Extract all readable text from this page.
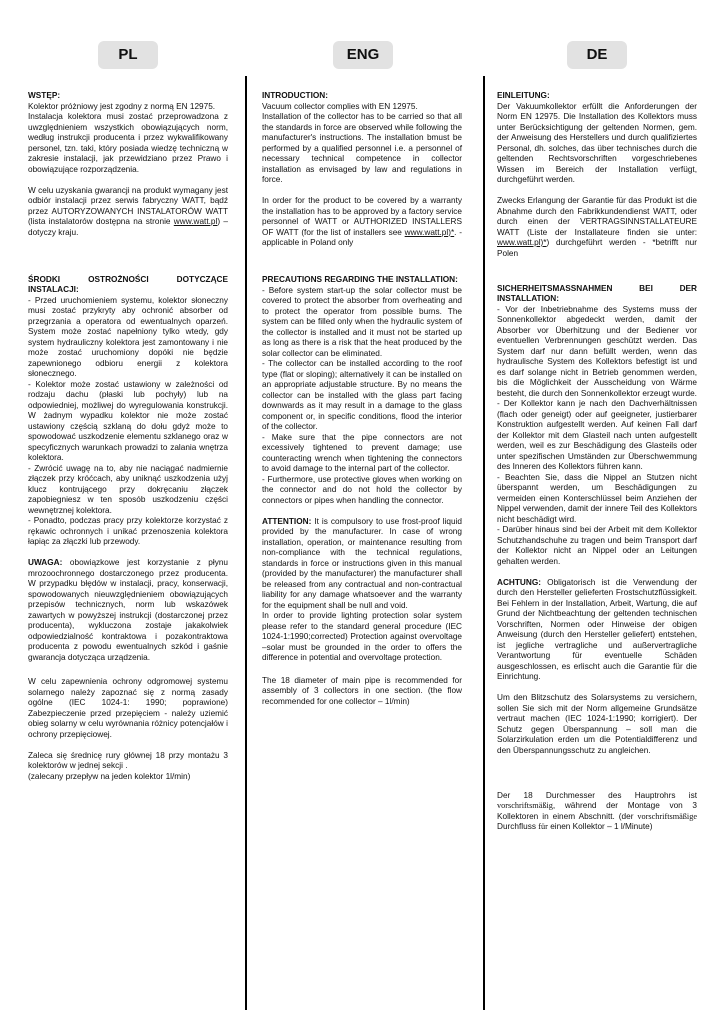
PL	ENG	DE

WSTĘP:

Kolektor próżniowy jest zgodny z normą EN 12975.
Instalacja kolektora musi zostać przeprowadzona z uwzględnieniem wszystkich obowiązujących norm, według instrukcji producenta i przez wykwalifikowany personel, tzn. taki, który posiada wiedzę techniczną w zakresie instalacji, jak przewidziano przez Prawo i obowiązujące rozporządzenia.

W celu uzyskania gwarancji na produkt wymagany jest odbiór instalacji przez serwis fabryczny WATT, bądź przez AUTORYZOWANYCH INSTALATORÓW WATT (lista instalatorów dostępna na stronie www.watt.pl) – dotyczy kraju.

ŚRODKI OSTROŻNOŚCI DOTYCZĄCE INSTALACJI:

- Przed uruchomieniem systemu, kolektor słoneczny musi zostać przykryty aby ochronić absorber od przegrzania a operatora od ewentualnych oparzeń. System może zostać napełniony tylko wtedy, gdy system hydrauliczny kolektora jest zamontowany i nie może zostać uruchomiony dopóki nie będzie zapewnionego odbioru energii z kolektora słonecznego.
- Kolektor może zostać ustawiony w zależności od rodzaju dachu (płaski lub pochyły) lub na odpowiedniej, możliwej do wyregulowania konstrukcji. W żadnym wypadku kolektor nie może zostać ustawiony częścią szklaną do dołu gdyż może to spowodować uszkodzenie elementu szklanego oraz w specyficznych warunkach prowadzi to zalania wnętrza kolektora.
- Zwrócić uwagę na to, aby nie naciągać nadmiernie złączek przy króćcach, aby uniknąć uszkodzenia użyj klucz kontrującego przy dokręcaniu złączek zapobiegniesz w ten sposób uszkodzeniu części wewnętrznej kolektora.
- Ponadto, podczas pracy przy kolektorze korzystać z rękawic ochronnych i unikać przenoszenia kolektora łapiąc za złączki lub przewody.

UWAGA: obowiązkowe jest korzystanie z płynu mrozoochronnego dostarczonego przez producenta. W przypadku błędów w instalacji, pracy, konserwacji, spowodowanych nieuwzględnieniem obowiązujących przepisów technicznych, norm lub wskazówek zawartych w powyższej instrukcji (dostarczonej przez producenta), wykluczona zostaje jakakolwiek odpowiedzialność kontraktowa i pozakontraktowa producenta z powodu ewentualnych szkód i gaśnie gwarancja dotycząca urządzenia.

W celu zapewnienia ochrony odgromowej systemu solarnego należy zapoznać się z normą zasady ogólne (IEC 1024-1: 1990; poprawione) Zabezpieczenie przed przepięciem - należy uziemić obieg solarny w celu wyrównania różnicy potencjałów i ochrony przepięciowej.

Zaleca się średnicę rury głównej 18 przy montażu 3 kolektorów w jednej sekcji .
(zalecany przepływ na jeden kolektor 1l/min)

INTRODUCTION:

Vacuum collector complies with EN 12975.
Installation of the collector has to be carried so that all the standards in force are observed while following the manufacturer's instructions. The installation bmust be performed by a qualified personnel i.e. a personnel of necessary technical competence in collector installation as envisaged by law and regulations in force.

In order for the product to be covered by a warranty the installation has to be approved by a factory service personnel of WATT or AUTHORIZED INSTALLERS OF WATT (for the list of installers see www.watt.pl)*. - applicable in Poland only

PRECAUTIONS REGARDING THE INSTALLATION:

- Before system start-up the solar collector must be covered to protect the absorber from overheating and to protect the operator from possible burns. The system can be filled only when the hydraulic system of the collector is installed and it must not be started up as long as there is a risk that the heat produced by the solar collector can be eliminated.
- The collector can be installed according to the roof type (flat or sloping); alternatively it can be installed on an appropriate adjustable structure. By no means the collector can be installed with the glass part facing downwards as it may result in a damage to the glass component or, in specific conditions, flood the interior of the collector.
- Make sure that the pipe connectors are not excessively tightened to prevent damage; use counteracting wrench when tightening the connectors to avoid damage to the internal part of the collector.
- Furthermore, use protective gloves when working on the connector and do not hold the collector by connectors or pipes when handling the connector.

ATTENTION: It is compulsory to use frost-proof liquid provided by the manufacturer. In case of wrong installation, operation, or maintenance resulting from non-compliance with the technical regulations, standards in force or instructions given in this manual (provided by the manufacturer) the manufacturer shall be released from any contractual and non-contractual liability for any damage whatsoever and the warranty for the equipment shall be null and void.
In order to provide lighting protection solar system please refer to the standard general procedure (IEC 1024-1:1990;corrected) Protection against overvoltage –solar must be grounded in the order to offers the difference in potential and overvoltage protection.

The 18 diameter of main pipe is recommended for assembly of 3 collectors in one section. (the flow recommended for one collector – 1l/min)

EINLEITUNG:

Der Vakuumkollektor erfüllt die Anforderungen der Norm EN 12975. Die Installation des Kollektors muss unter Berücksichtigung der geltenden Normen, gem. der Anweisung des Herstellers und durch qualifiziertes Personal, dh. solches, das über technisches durch die geltenden Rechtsvorschriften vorgeschriebenes Wissen im Bereich der Installation verfügt, durchgeführt werden.

Zwecks Erlangung der Garantie für das Produkt ist die Abnahme durch den Fabrikkundendienst WATT, oder durch einen der VERTRAGSINNSTALLATEURE WATT (Liste der Installateure finden sie unter: www.watt.pl)*) durchgeführt werden - *betrifft nur Polen

SICHERHEITSMASSNAHMEN BEI DER INSTALLATION:

- Vor der Inbetriebnahme des Systems muss der Sonnenkollektor abgedeckt werden, damit der Absorber vor Überhitzung und der Bediener vor eventuellen Verbrennungen geschützt werden. Das System darf nur dann befüllt werden, wenn das hydraulische System des Kollektors befestigt ist und es darf solange nicht in Betrieb genommen werden, bis die Möglichkeit der Ausscheidung von Wärme besteht, die durch den Sonnenkollektor erzeugt wurde.
- Der Kollektor kann je nach den Dachverhältnissen (flach oder geneigt) oder auf geeigneter, justierbarer Konstruktion aufgestellt werden. Auf keinen Fall darf der Kollektor mit dem Glasteil nach unten aufgestellt werden, weil es zur Beschädigung des Glasteils oder unter spezifischen Umständen zur Überschwemmung des Inneren des Kollektors führen kann.
- Beachten Sie, dass die Nippel an Stutzen nicht überspannt werden, um Beschädigungen zu vermeiden einen Konterschlüssel beim Anziehen der Nippel verwenden, damit der innere Teil des Kollektors nicht beschädigt wird.
- Darüber hinaus sind bei der Arbeit mit dem Kollektor Schutzhandschuhe zu tragen und beim Transport darf der Kollektor nicht an Nippel oder an Leitungen gehalten werden.

ACHTUNG: Obligatorisch ist die Verwendung der durch den Hersteller gelieferten Frostschutzflüssigkeit. Bei Fehlern in der Installation, Arbeit, Wartung, die auf Grund der Nichtbeachtung der geltenden technischen Vorschriften, Normen oder Hinweise der obigen Anweisung (durch den Hersteller geliefert) entstehen, ist jegliche vertragliche und außervertragliche Verantwortung für eventuelle Schäden ausgeschlossen, es erlischt auch die Garantie für die Einrichtung.

Um den Blitzschutz des Solarsystems zu versichern, sollen Sie sich mit der Norm allgemeine Grundsätze vertraut machen (IEC 1024-1:1990; korrigiert). Der Schutz gegen Überspannung – soll man die Solarzirkulation erden um die Potentialdifferenz und den Überspannungsschutz zu angleichen.

Der 18 Durchmesser des Hauptrohrs ist vorschriftsmäßig, während der Montage von 3 Kollektoren in einem Abschnitt. (der vorschriftsmäßige Durchfluss für einen Kollektor – 1 l/Minute)
